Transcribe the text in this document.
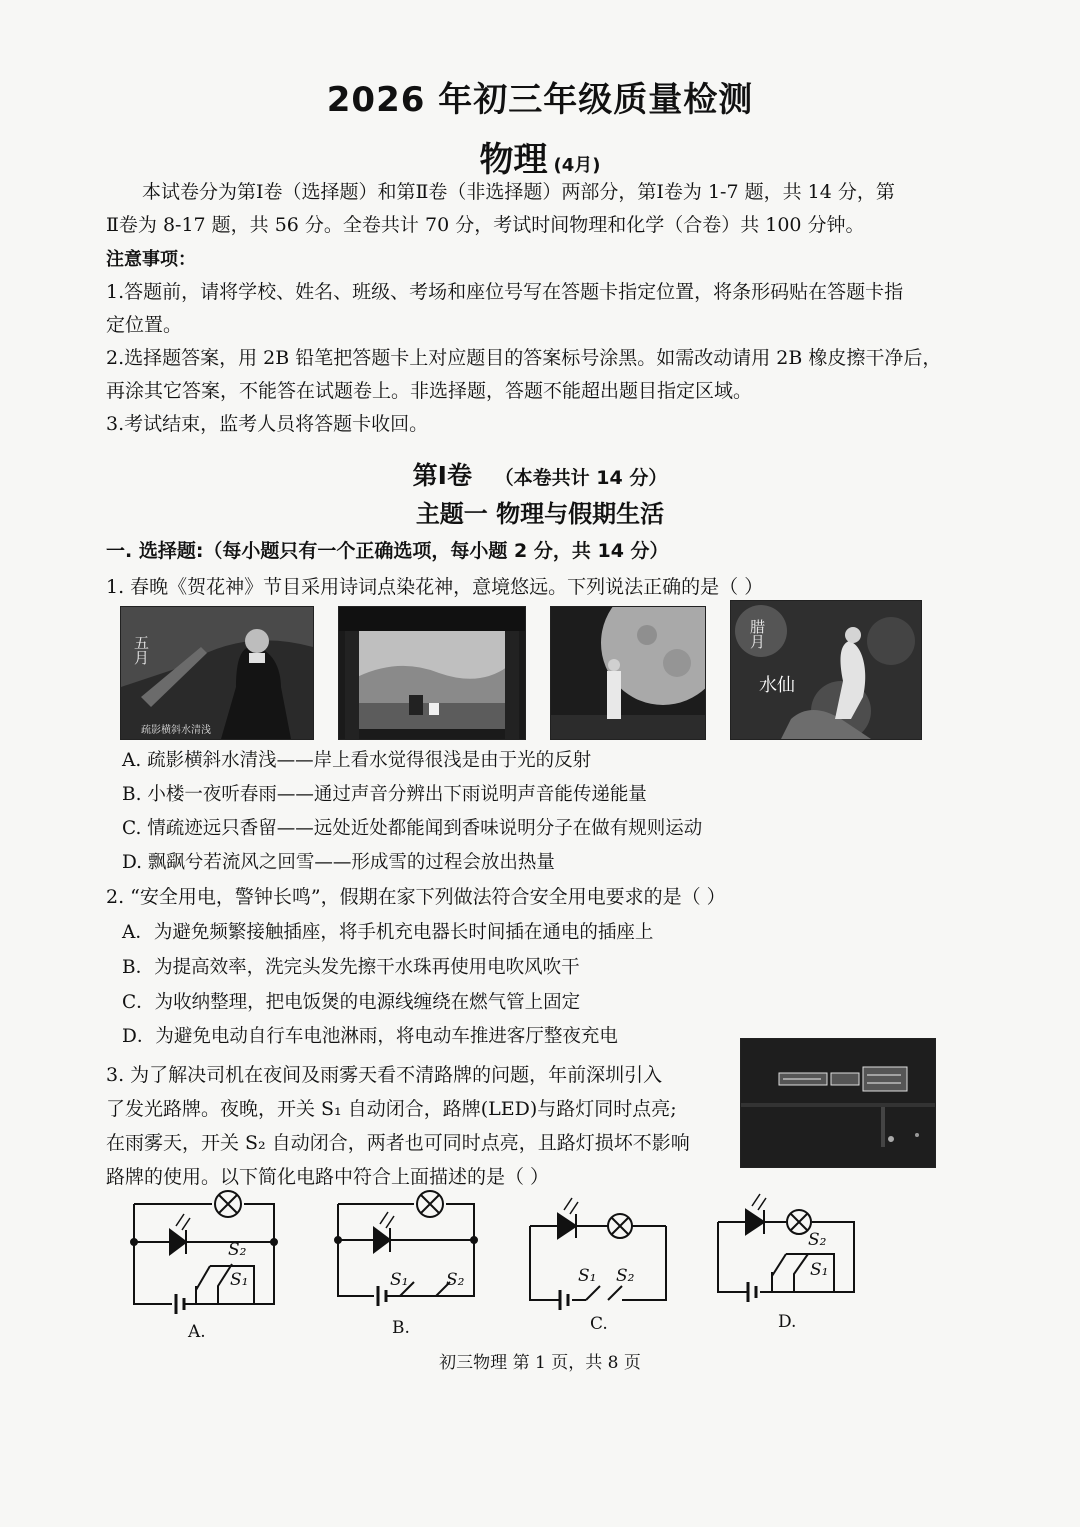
2026 年初三年级质量检测
物理 (4月)
本试卷分为第Ⅰ卷（选择题）和第Ⅱ卷（非选择题）两部分，第Ⅰ卷为 1-7 题，共 14 分，第
Ⅱ卷为 8-17 题，共 56 分。全卷共计 70 分，考试时间物理和化学（合卷）共 100 分钟。
注意事项：
1.答题前，请将学校、姓名、班级、考场和座位号写在答题卡指定位置，将条形码贴在答题卡指
定位置。
2.选择题答案，用 2B 铅笔把答题卡上对应题目的答案标号涂黑。如需改动请用 2B 橡皮擦干净后，
再涂其它答案，不能答在试题卷上。非选择题，答题不能超出题目指定区域。
3.考试结束，监考人员将答题卡收回。
第Ⅰ卷 （本卷共计 14 分）
主题一 物理与假期生活
一. 选择题:（每小题只有一个正确选项，每小题 2 分，共 14 分）
1. 春晚《贺花神》节目采用诗词点染花神，意境悠远。下列说法正确的是（ ）
五月
疏影横斜水清浅
腊月
水仙
A. 疏影横斜水清浅——岸上看水觉得很浅是由于光的反射
B. 小楼一夜听春雨——通过声音分辨出下雨说明声音能传递能量
C. 情疏迹远只香留——远处近处都能闻到香味说明分子在做有规则运动
D. 飘飖兮若流风之回雪——形成雪的过程会放出热量
2. “安全用电，警钟长鸣”，假期在家下列做法符合安全用电要求的是（ ）
A．为避免频繁接触插座，将手机充电器长时间插在通电的插座上
B．为提高效率，洗完头发先擦干水珠再使用电吹风吹干
C．为收纳整理，把电饭煲的电源线缠绕在燃气管上固定
D．为避免电动自行车电池淋雨，将电动车推进客厅整夜充电
3. 为了解决司机在夜间及雨雾天看不清路牌的问题，年前深圳引入
了发光路牌。夜晚，开关 S₁ 自动闭合，路牌(LED)与路灯同时点亮;
在雨雾天，开关 S₂ 自动闭合，两者也可同时点亮，且路灯损坏不影响
路牌的使用。以下简化电路中符合上面描述的是（ ）
S₂
S₁
A.
S₁ S₂
B.
S₁ S₂
C.
S₂
S₁
D.
初三物理 第 1 页，共 8 页
